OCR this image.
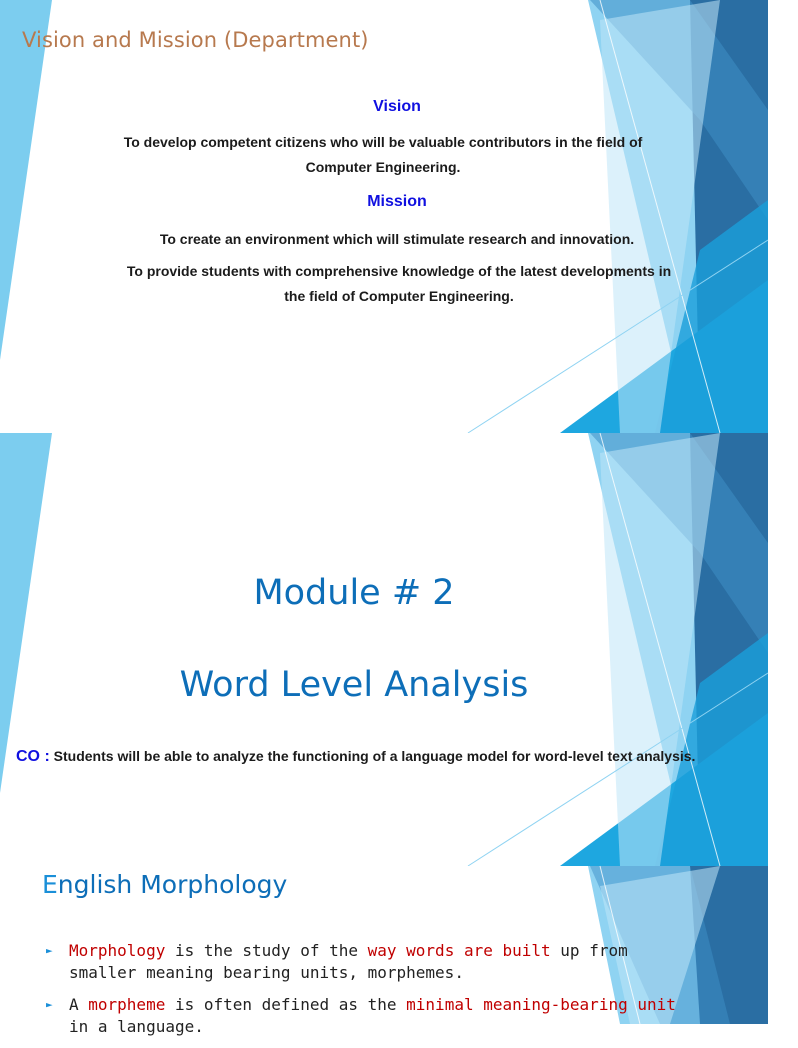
Vision and Mission (Department)
Vision
To develop competent citizens who will be valuable contributors in the field of
Computer Engineering.
Mission
To create an environment which will stimulate research and innovation.
To provide students with comprehensive knowledge of the latest developments in
the field of Computer Engineering.
Module # 2
Word Level Analysis
CO : Students will be able to analyze the functioning of a language model for word-level text analysis.
English Morphology
► Morphology is the study of the way words are built up from smaller meaning bearing units, morphemes.
► A morpheme is often defined as the minimal meaning-bearing unit in a language.
